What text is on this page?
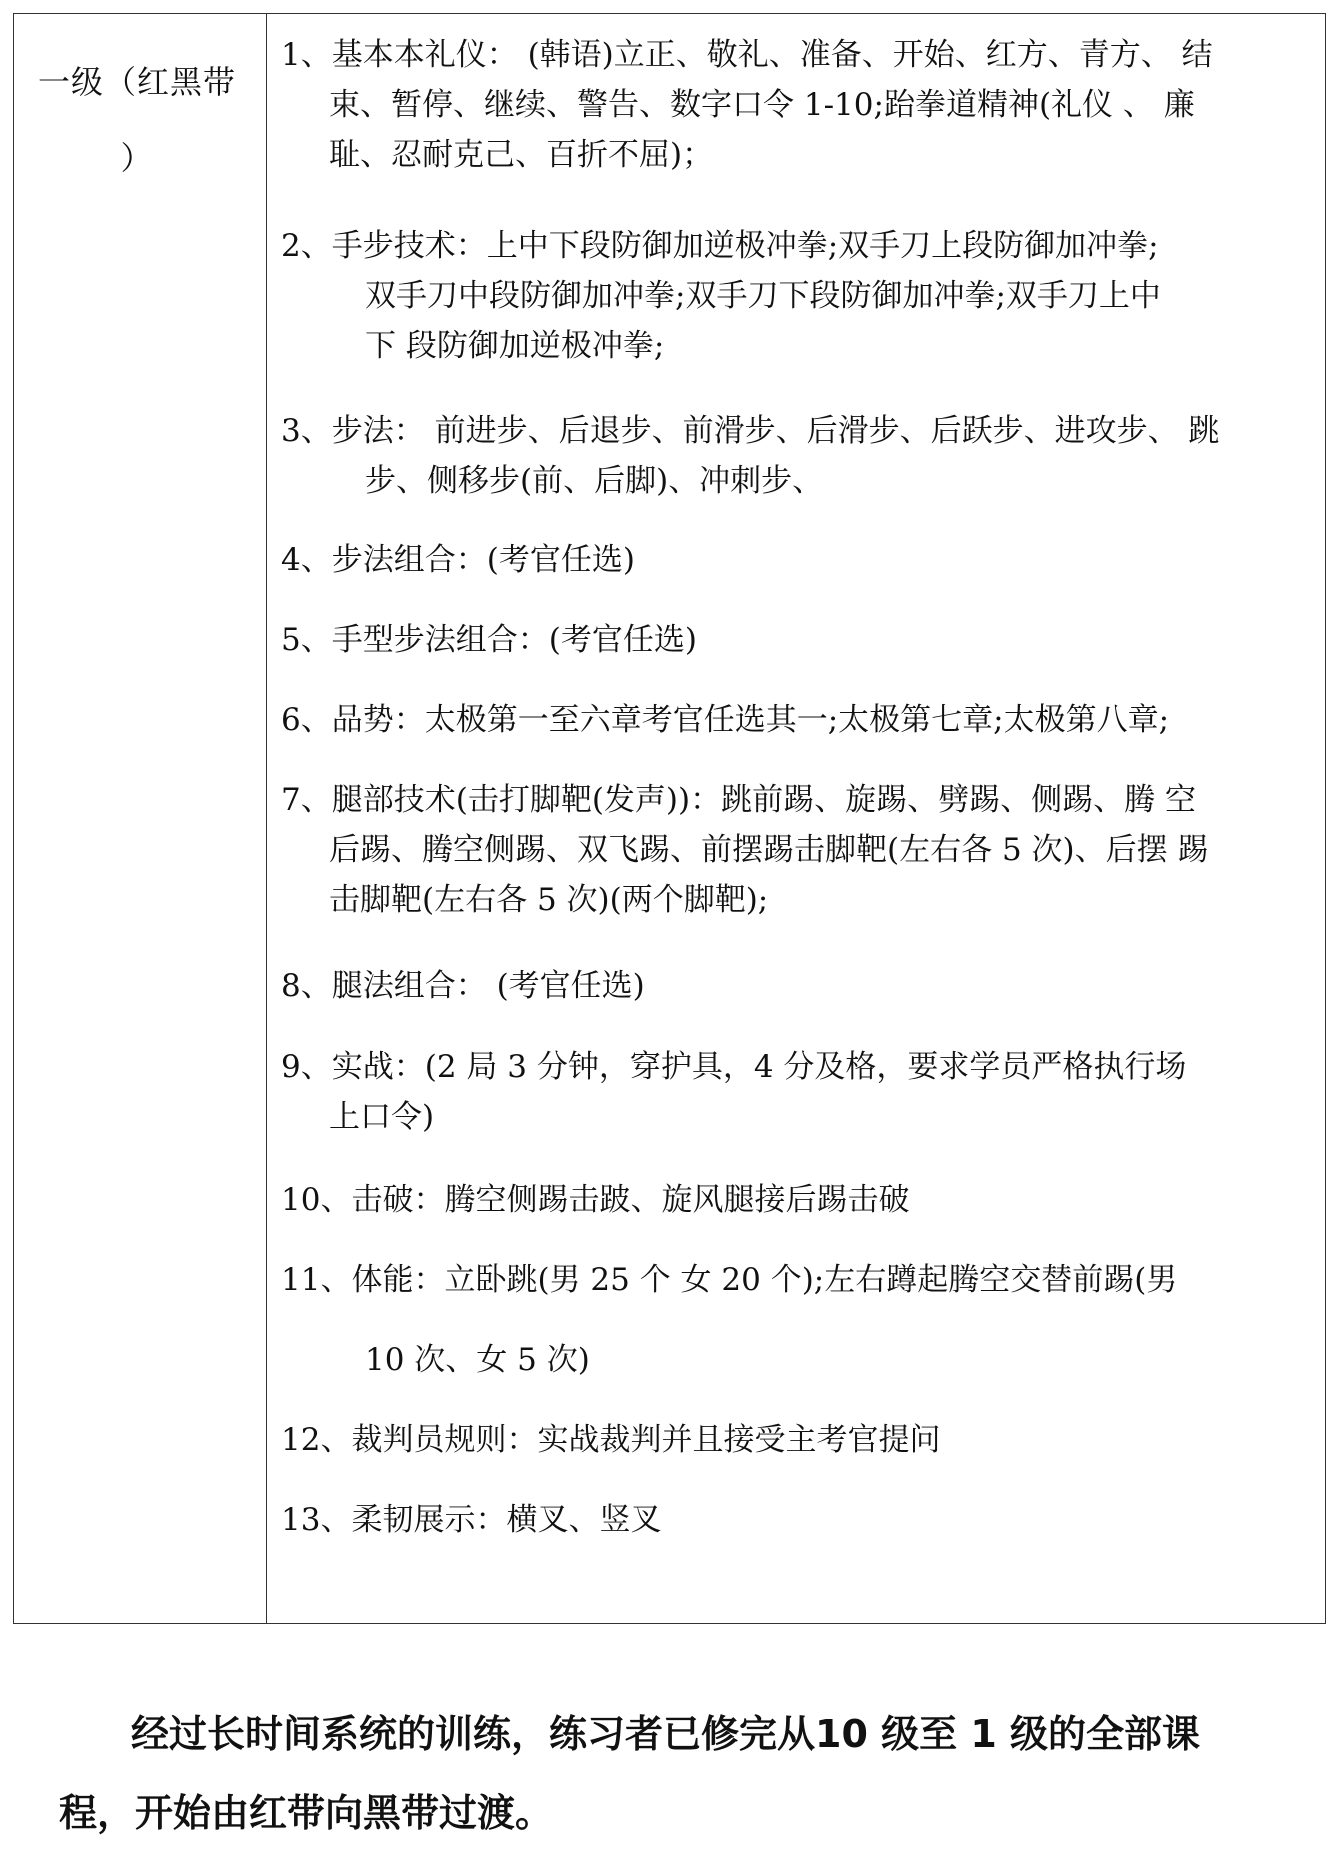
一级（红黑带
）
1、基本本礼仪： (韩语)立正、敬礼、准备、开始、红方、青方、 结
束、暂停、继续、警告、数字口令 1-10;跆拳道精神(礼仪 、 廉
耻、忍耐克己、百折不屈)；
2、手步技术：上中下段防御加逆极冲拳;双手刀上段防御加冲拳;
双手刀中段防御加冲拳;双手刀下段防御加冲拳;双手刀上中
下 段防御加逆极冲拳;
3、步法： 前进步、后退步、前滑步、后滑步、后跃步、进攻步、 跳
步、侧移步(前、后脚)、冲刺步、
4、步法组合：(考官任选)
5、手型步法组合：(考官任选)
6、品势：太极第一至六章考官任选其一;太极第七章;太极第八章;
7、腿部技术(击打脚靶(发声))：跳前踢、旋踢、劈踢、侧踢、腾 空
后踢、腾空侧踢、双飞踢、前摆踢击脚靶(左右各 5 次)、后摆 踢
击脚靶(左右各 5 次)(两个脚靶);
8、腿法组合： (考官任选)
9、实战：(2 局 3 分钟，穿护具，4 分及格，要求学员严格执行场
上口令)
10、击破：腾空侧踢击跛、旋风腿接后踢击破
11、体能：立卧跳(男 25 个 女 20 个);左右蹲起腾空交替前踢(男
10 次、女 5 次)
12、裁判员规则：实战裁判并且接受主考官提问
13、柔韧展示：横叉、竖叉
经过长时间系统的训练，练习者已修完从10 级至 1 级的全部课
程，开始由红带向黑带过渡。
